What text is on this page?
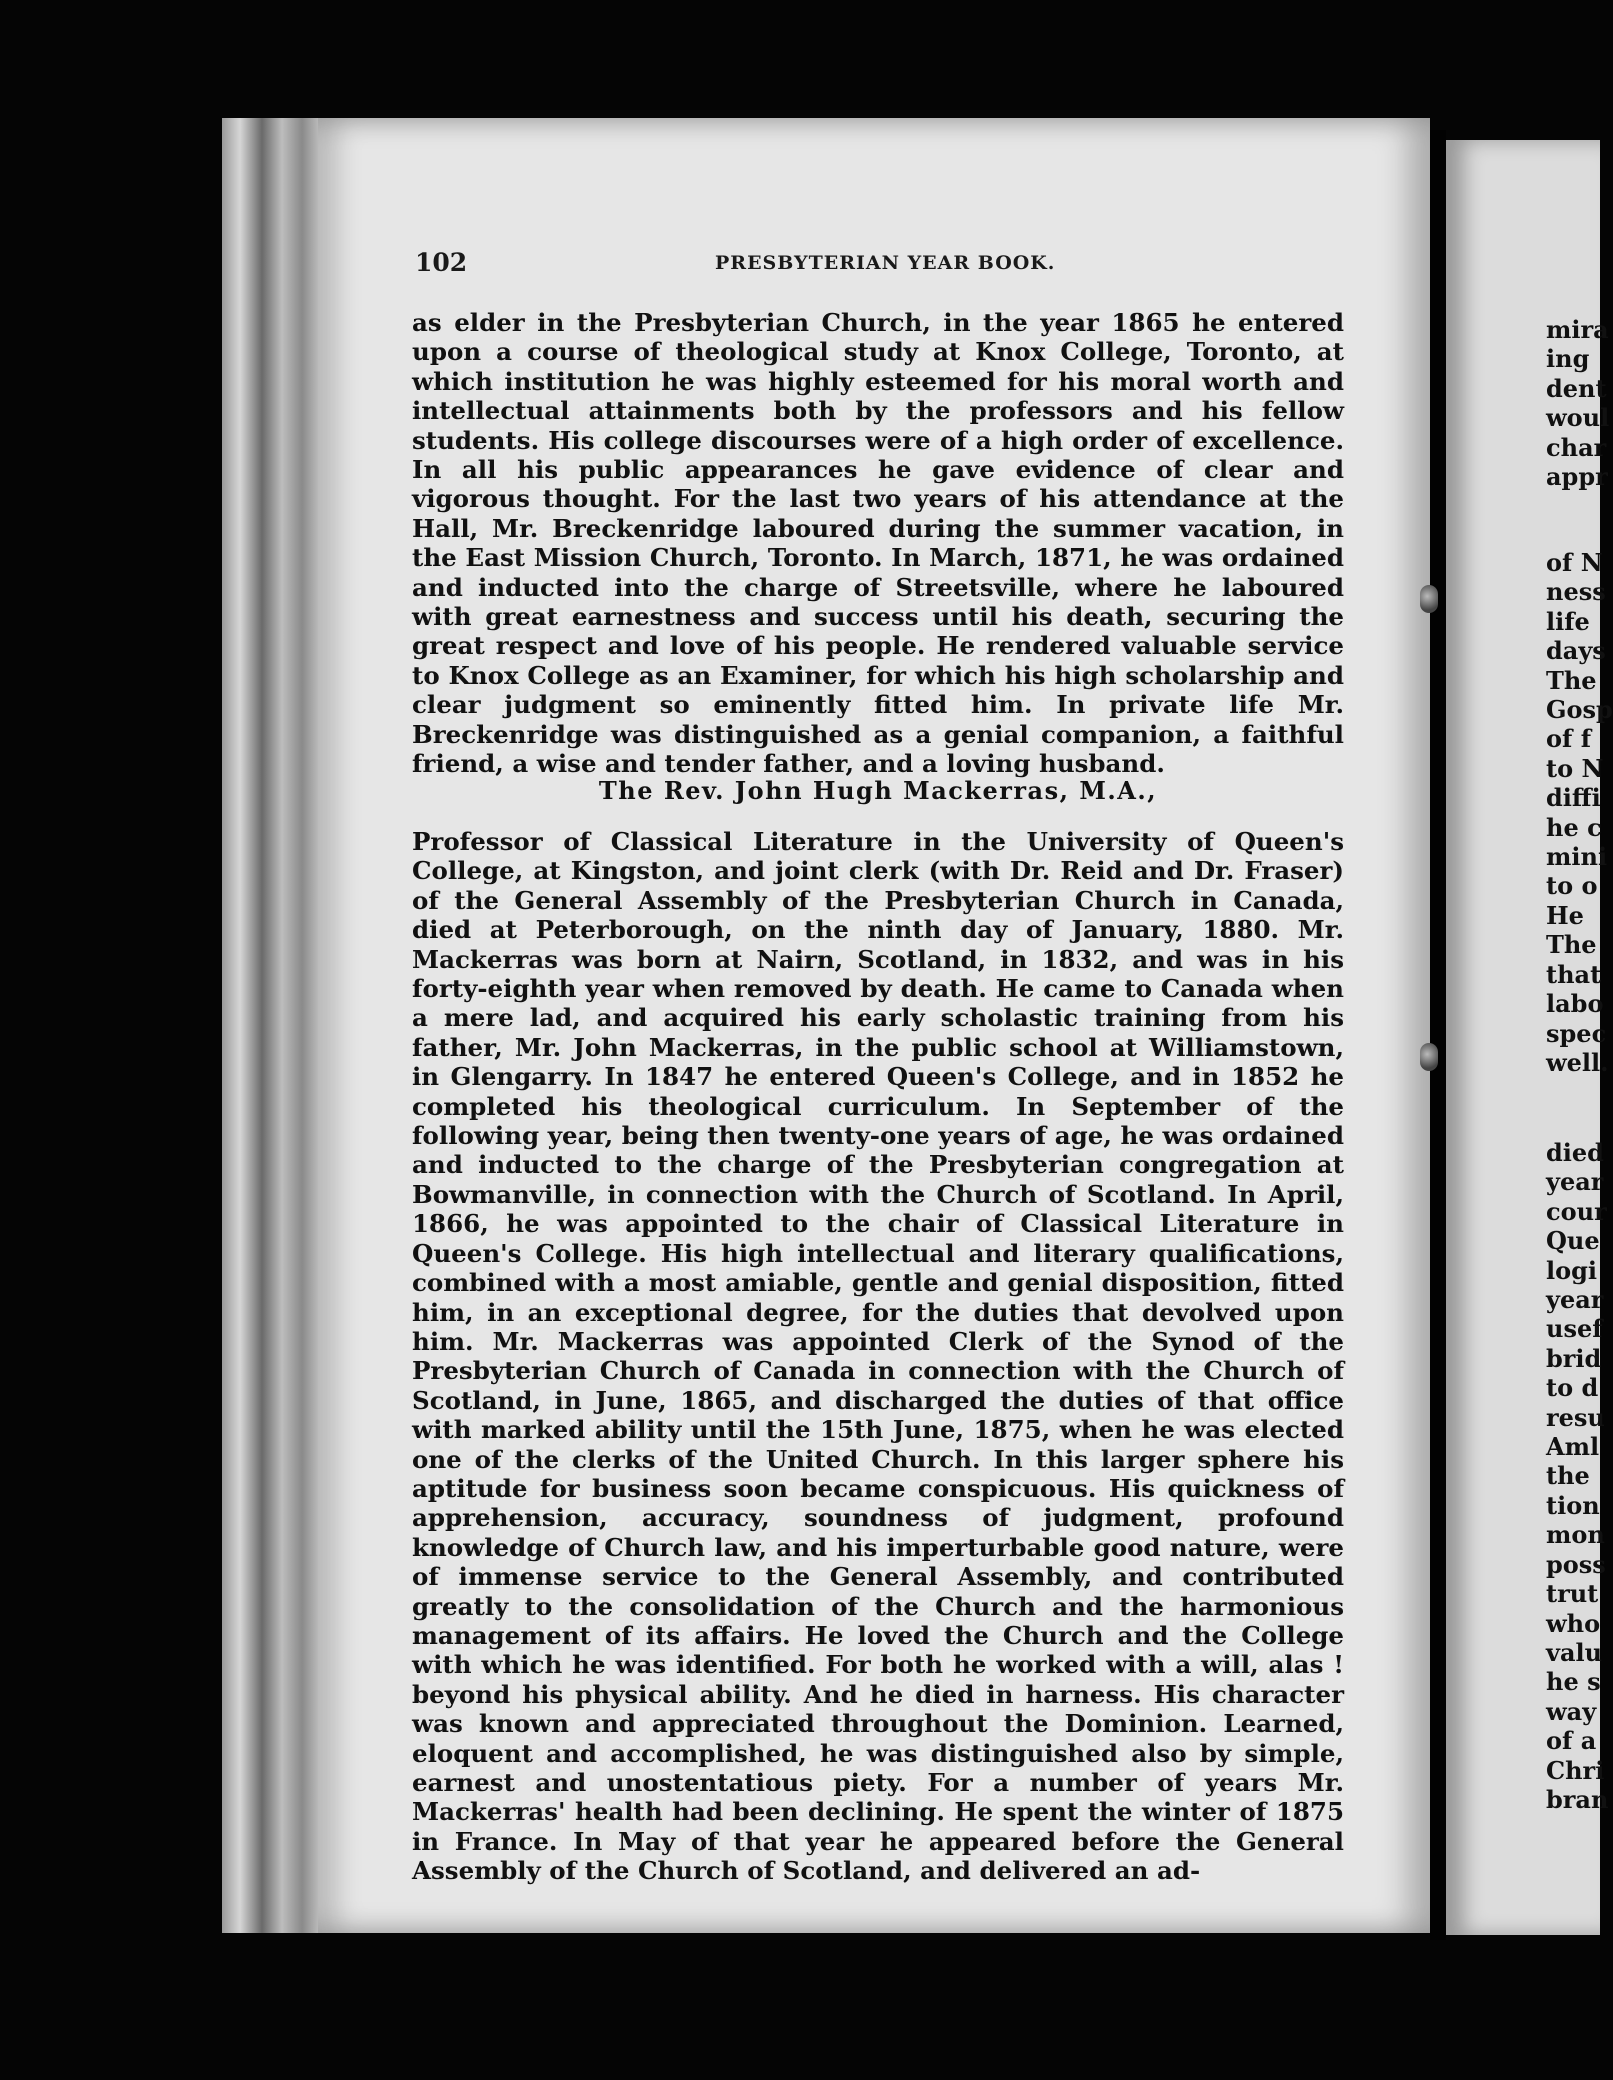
102	PRESBYTERIAN YEAR BOOK.

as elder in the Presbyterian Church, in the year 1865 he entered upon a course of theological study at Knox College, Toronto, at which institution he was highly esteemed for his moral worth and intellectual attainments both by the professors and his fellow students. His college discourses were of a high order of excellence. In all his public appearances he gave evidence of clear and vigorous thought. For the last two years of his attendance at the Hall, Mr. Breckenridge laboured during the summer vacation, in the East Mission Church, Toronto. In March, 1871, he was ordained and inducted into the charge of Streetsville, where he laboured with great earnestness and success until his death, securing the great respect and love of his people. He rendered valuable service to Knox College as an Examiner, for which his high scholarship and clear judgment so eminently fitted him. In private life Mr. Breckenridge was distinguished as a genial companion, a faithful friend, a wise and tender father, and a loving husband.

The Rev. John Hugh Mackerras, M.A.,

Professor of Classical Literature in the University of Queen's College, at Kingston, and joint clerk (with Dr. Reid and Dr. Fraser) of the General Assembly of the Presbyterian Church in Canada, died at Peterborough, on the ninth day of January, 1880. Mr. Mackerras was born at Nairn, Scotland, in 1832, and was in his forty-eighth year when removed by death. He came to Canada when a mere lad, and acquired his early scholastic training from his father, Mr. John Mackerras, in the public school at Williamstown, in Glengarry. In 1847 he entered Queen's College, and in 1852 he completed his theological curriculum. In September of the following year, being then twenty-one years of age, he was ordained and inducted to the charge of the Presbyterian congregation at Bowmanville, in connection with the Church of Scotland. In April, 1866, he was appointed to the chair of Classical Literature in Queen's College. His high intellectual and literary qualifications, combined with a most amiable, gentle and genial disposition, fitted him, in an exceptional degree, for the duties that devolved upon him. Mr. Mackerras was appointed Clerk of the Synod of the Presbyterian Church of Canada in connection with the Church of Scotland, in June, 1865, and discharged the duties of that office with marked ability until the 15th June, 1875, when he was elected one of the clerks of the United Church. In this larger sphere his aptitude for business soon became conspicuous. His quickness of apprehension, accuracy, soundness of judgment, profound knowledge of Church law, and his imperturbable good nature, were of immense service to the General Assembly, and contributed greatly to the consolidation of the Church and the harmonious management of its affairs. He loved the Church and the College with which he was identified. For both he worked with a will, alas ! beyond his physical ability. And he died in harness. His character was known and appreciated throughout the Dominion. Learned, eloquent and accomplished, he was distinguished also by simple, earnest and unostentatious piety. For a number of years Mr. Mackerras' health had been declining. He spent the winter of 1875 in France. In May of that year he appeared before the General Assembly of the Church of Scotland, and delivered an ad-

mira
ing
dent
woul
char
appr
of N
ness
life
days
The
Gosp
of f
to N
diffi
he c
mini
to o
He
The
that
labo
spec
well.
died
year
cour
Que
logi
year
usef
brid
to d
resu
Aml
the
tion
mon
poss
trut
who
valu
he s
way
of a
Chri
bran
